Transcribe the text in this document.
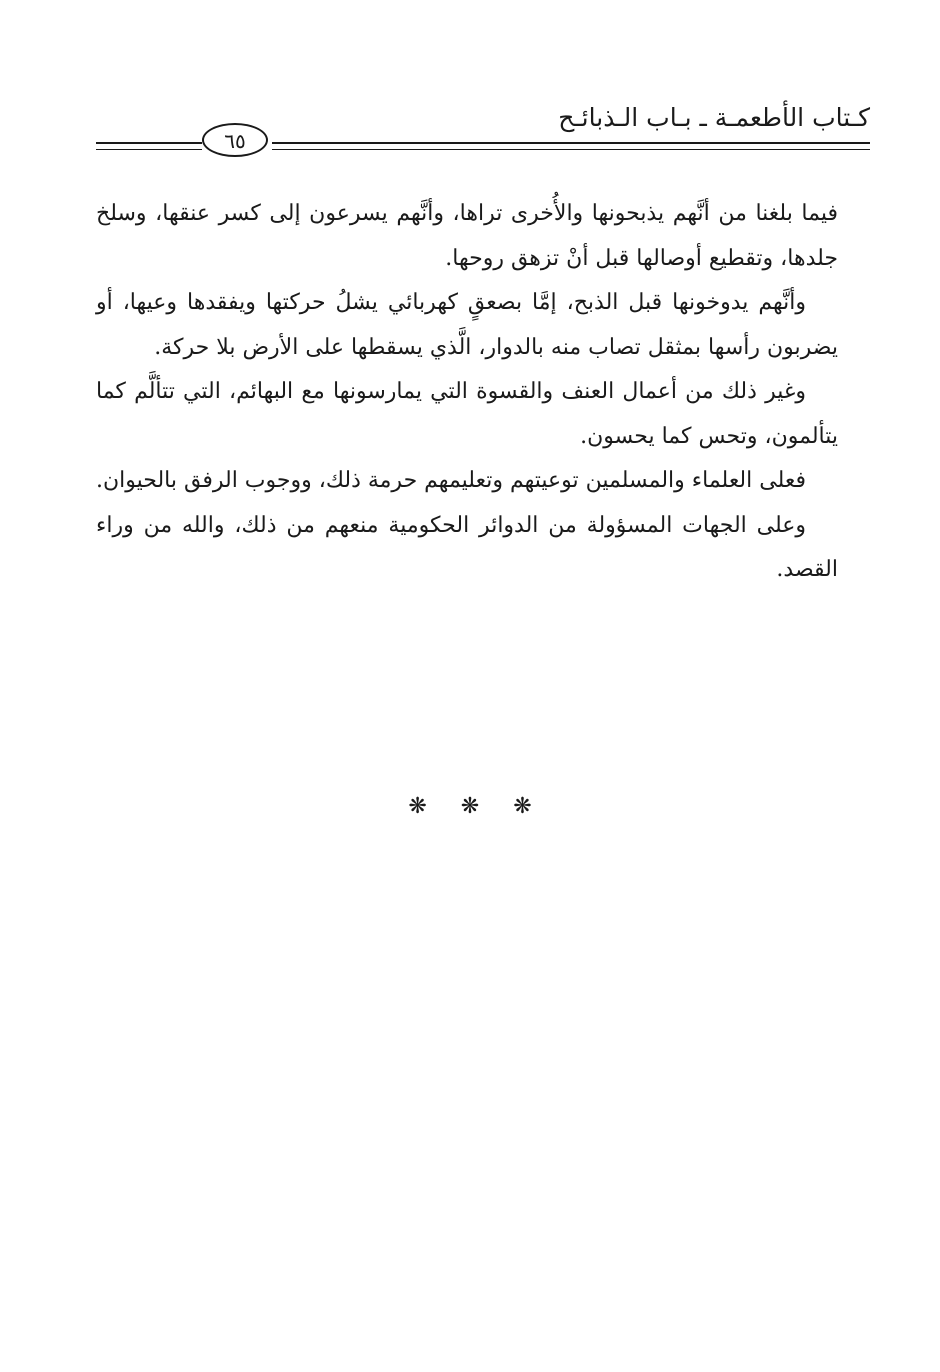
كـتاب الأطعمـة ـ بـاب الـذبائـح
٦٥

فيما بلغنا من أنَّهم يذبحونها والأُخرى تراها، وأنَّهم يسرعون إلى كسر عنقها، وسلخ جلدها، وتقطيع أوصالها قبل أنْ تزهق روحها.

وأنَّهم يدوخونها قبل الذبح، إمَّا بصعقٍ كهربائي يشلُ حركتها ويفقدها وعيها، أو يضربون رأسها بمثقل تصاب منه بالدوار، الَّذي يسقطها على الأرض بلا حركة.

وغير ذلك من أعمال العنف والقسوة التي يمارسونها مع البهائم، التي تتألَّم كما يتألمون، وتحس كما يحسون.

فعلى العلماء والمسلمين توعيتهم وتعليمهم حرمة ذلك، ووجوب الرفق بالحيوان.

وعلى الجهات المسؤولة من الدوائر الحكومية منعهم من ذلك، والله من وراء القصد.

❋ ❋ ❋
